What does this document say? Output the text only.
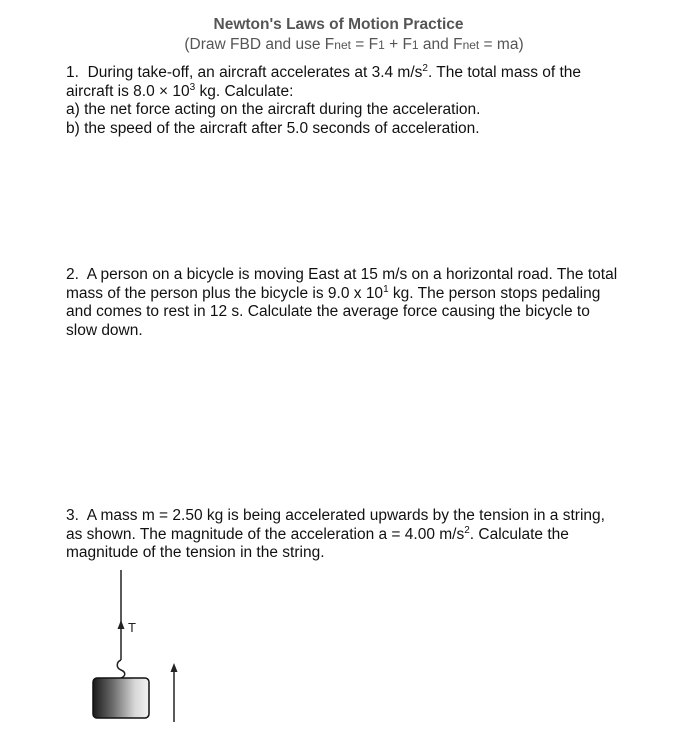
Newton's Laws of Motion Practice
(Draw FBD and use Fnet = F1 + F1 and Fnet = ma)

1. During take-off, an aircraft accelerates at 3.4 $m/s^2$. The total mass of the

aircraft is $8.0 \times 10^3$ kg. Calculate:

a) the net force acting on the aircraft during the acceleration.

b) the speed of the aircraft after 5.0 seconds of acceleration.

2. A person on a bicycle is moving East at 15 m/s on a horizontal road. The total

mass of the person plus the bicycle is 9.0 x $10^1$ kg. The person stops pedaling

and comes to rest in 12 s. Calculate the average force causing the bicycle to

slow down.

3. A mass m = 2.50 kg is being accelerated upwards by the tension in a string,

as shown. The magnitude of the acceleration a = 4.00 $m/s^2$. Calculate the

magnitude of the tension in the string.

T
